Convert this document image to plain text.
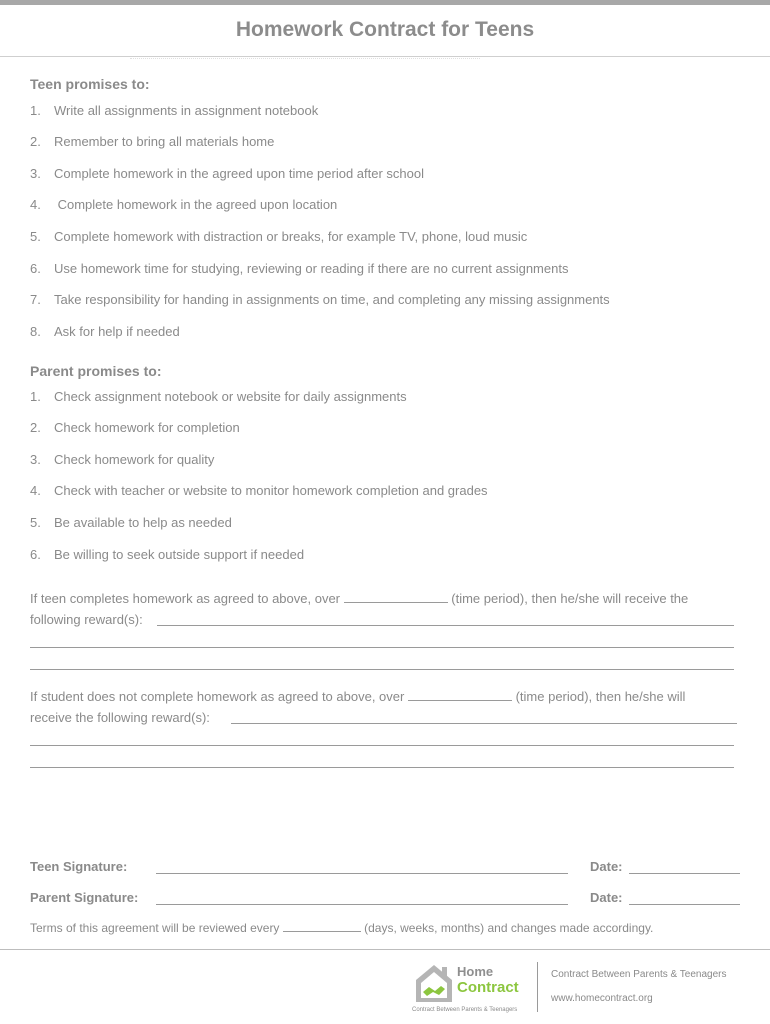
Homework Contract for Teens
Teen promises to:
1. Write all assignments in assignment notebook
2. Remember to bring all materials home
3. Complete homework in the agreed upon time period after school
4. Complete homework in the agreed upon location
5. Complete homework with distraction or breaks, for example TV, phone, loud music
6. Use homework time for studying, reviewing or reading if there are no current assignments
7. Take responsibility for handing in assignments on time, and completing any missing assignments
8. Ask for help if needed
Parent promises to:
1. Check assignment notebook or website for daily assignments
2. Check homework for completion
3. Check homework for quality
4. Check with teacher or website to monitor homework completion and grades
5. Be available to help as needed
6. Be willing to seek outside support if needed
If teen completes homework as agreed to above, over	(time period), then he/she will receive the
following reward(s):
If student does not complete homework as agreed to above, over	(time period), then he/she will
receive the following reward(s):
Teen Signature:	Date:
Parent Signature:	Date:
Terms of this agreement will be reviewed every	(days, weeks, months) and changes made accordingy.
Home
Contract
Contract Between Parents & Teenagers
Contract Between Parents & Teenagers
www.homecontract.org
